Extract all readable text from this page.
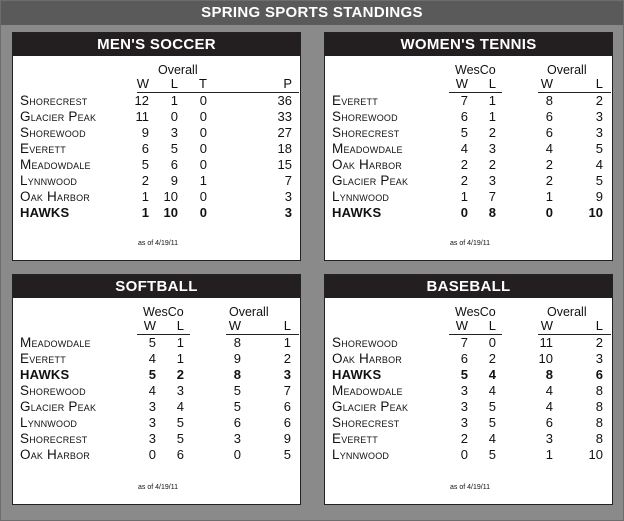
SPRING SPORTS STANDINGS
MEN'S SOCCER
Overall
W	L	T	P
Shorecrest	12	1	0	36
Glacier Peak	11	0	0	33
Shorewood	9	3	0	27
Everett	6	5	0	18
Meadowdale	5	6	0	15
Lynnwood	2	9	1	7
Oak Harbor	1	10	0	3
HAWKS	1	10	0	3
as of 4/19/11
WOMEN'S TENNIS
WesCo	Overall
W	L	W	L
Everett	7	1	8	2
Shorewood	6	1	6	3
Shorecrest	5	2	6	3
Meadowdale	4	3	4	5
Oak Harbor	2	2	2	4
Glacier Peak	2	3	2	5
Lynnwood	1	7	1	9
HAWKS	0	8	0	10
as of 4/19/11
SOFTBALL
WesCo	Overall
W	L	W	L
Meadowdale	5	1	8	1
Everett	4	1	9	2
HAWKS	5	2	8	3
Shorewood	4	3	5	7
Glacier Peak	3	4	5	6
Lynnwood	3	5	6	6
Shorecrest	3	5	3	9
Oak Harbor	0	6	0	5
as of 4/19/11
BASEBALL
WesCo	Overall
W	L	W	L
Shorewood	7	0	11	2
Oak Harbor	6	2	10	3
HAWKS	5	4	8	6
Meadowdale	3	4	4	8
Glacier Peak	3	5	4	8
Shorecrest	3	5	6	8
Everett	2	4	3	8
Lynnwood	0	5	1	10
as of 4/19/11
